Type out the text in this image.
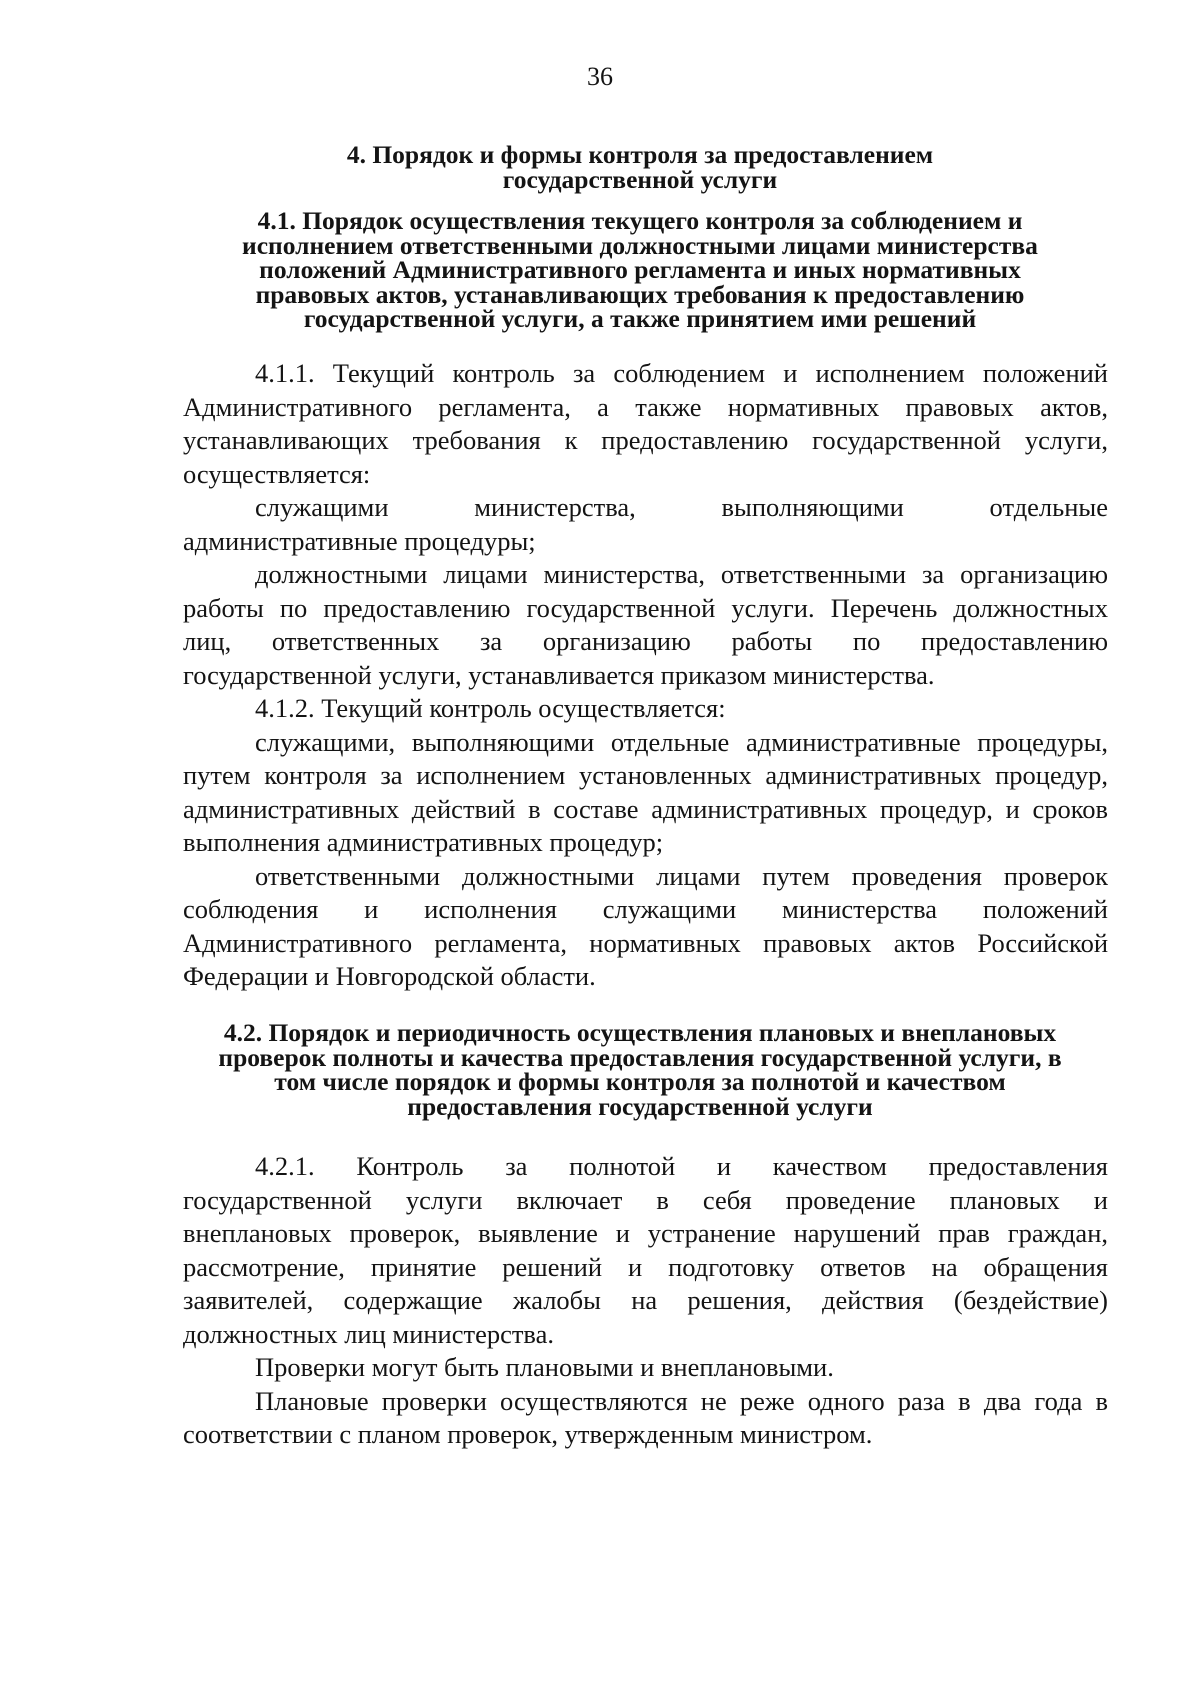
36
4. Порядок и формы контроля за предоставлением
государственной услуги
4.1. Порядок осуществления текущего контроля за соблюдением и
исполнением ответственными должностными лицами министерства
положений Административного регламента и иных нормативных
правовых актов, устанавливающих требования к предоставлению
государственной услуги, а также принятием ими решений
4.1.1. Текущий контроль за соблюдением и исполнением положений
Административного регламента, а также нормативных правовых актов,
устанавливающих требования к предоставлению государственной услуги,
осуществляется:
служащими министерства, выполняющими отдельные
административные процедуры;
должностными лицами министерства, ответственными за организацию
работы по предоставлению государственной услуги. Перечень должностных
лиц, ответственных за организацию работы по предоставлению
государственной услуги, устанавливается приказом министерства.
4.1.2. Текущий контроль осуществляется:
служащими, выполняющими отдельные административные процедуры,
путем контроля за исполнением установленных административных процедур,
административных действий в составе административных процедур, и сроков
выполнения административных процедур;
ответственными должностными лицами путем проведения проверок
соблюдения и исполнения служащими министерства положений
Административного регламента, нормативных правовых актов Российской
Федерации и Новгородской области.
4.2. Порядок и периодичность осуществления плановых и внеплановых
проверок полноты и качества предоставления государственной услуги, в
том числе порядок и формы контроля за полнотой и качеством
предоставления государственной услуги
4.2.1. Контроль за полнотой и качеством предоставления
государственной услуги включает в себя проведение плановых и
внеплановых проверок, выявление и устранение нарушений прав граждан,
рассмотрение, принятие решений и подготовку ответов на обращения
заявителей, содержащие жалобы на решения, действия (бездействие)
должностных лиц министерства.
Проверки могут быть плановыми и внеплановыми.
Плановые проверки осуществляются не реже одного раза в два года в
соответствии с планом проверок, утвержденным министром.
